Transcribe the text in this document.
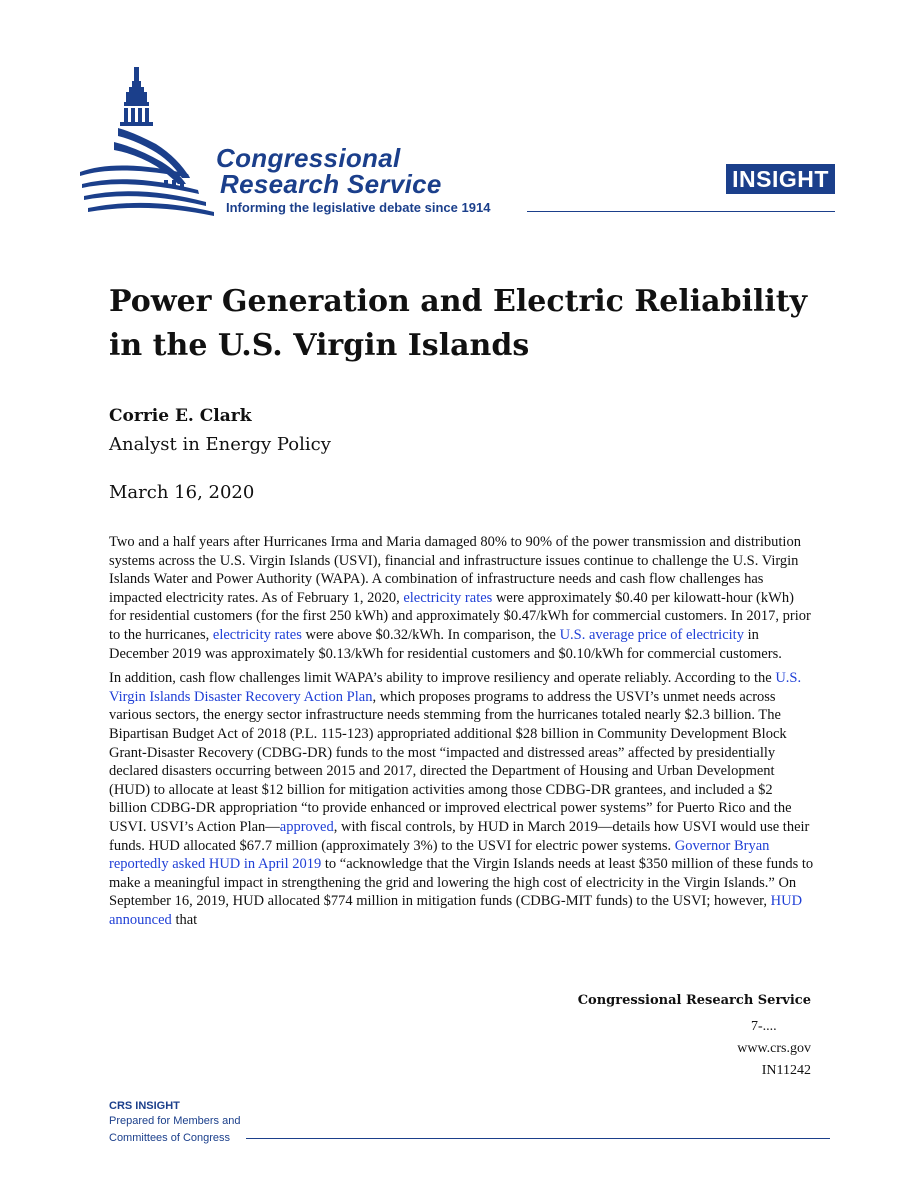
Congressional
Research Service
Informing the legislative debate since 1914
INSIGHT
Power Generation and Electric Reliability in the U.S. Virgin Islands
Corrie E. Clark
Analyst in Energy Policy
March 16, 2020

Two and a half years after Hurricanes Irma and Maria damaged 80% to 90% of the power transmission and distribution systems across the U.S. Virgin Islands (USVI), financial and infrastructure issues continue to challenge the U.S. Virgin Islands Water and Power Authority (WAPA). A combination of infrastructure needs and cash flow challenges has impacted electricity rates. As of February 1, 2020, electricity rates were approximately $0.40 per kilowatt-hour (kWh) for residential customers (for the first 250 kWh) and approximately $0.47/kWh for commercial customers. In 2017, prior to the hurricanes, electricity rates were above $0.32/kWh. In comparison, the U.S. average price of electricity in December 2019 was approximately $0.13/kWh for residential customers and $0.10/kWh for commercial customers.

In addition, cash flow challenges limit WAPA’s ability to improve resiliency and operate reliably. According to the U.S. Virgin Islands Disaster Recovery Action Plan, which proposes programs to address the USVI’s unmet needs across various sectors, the energy sector infrastructure needs stemming from the hurricanes totaled nearly $2.3 billion. The Bipartisan Budget Act of 2018 (P.L. 115-123) appropriated additional $28 billion in Community Development Block Grant-Disaster Recovery (CDBG-DR) funds to the most “impacted and distressed areas” affected by presidentially declared disasters occurring between 2015 and 2017, directed the Department of Housing and Urban Development (HUD) to allocate at least $12 billion for mitigation activities among those CDBG-DR grantees, and included a $2 billion CDBG-DR appropriation “to provide enhanced or improved electrical power systems” for Puerto Rico and the USVI. USVI’s Action Plan—approved, with fiscal controls, by HUD in March 2019—details how USVI would use their funds. HUD allocated $67.7 million (approximately 3%) to the USVI for electric power systems. Governor Bryan reportedly asked HUD in April 2019 to “acknowledge that the Virgin Islands needs at least $350 million of these funds to make a meaningful impact in strengthening the grid and lowering the high cost of electricity in the Virgin Islands.” On September 16, 2019, HUD allocated $774 million in mitigation funds (CDBG-MIT funds) to the USVI; however, HUD announced that

Congressional Research Service
7-....
www.crs.gov
IN11242
CRS INSIGHT
Prepared for Members and
Committees of Congress
